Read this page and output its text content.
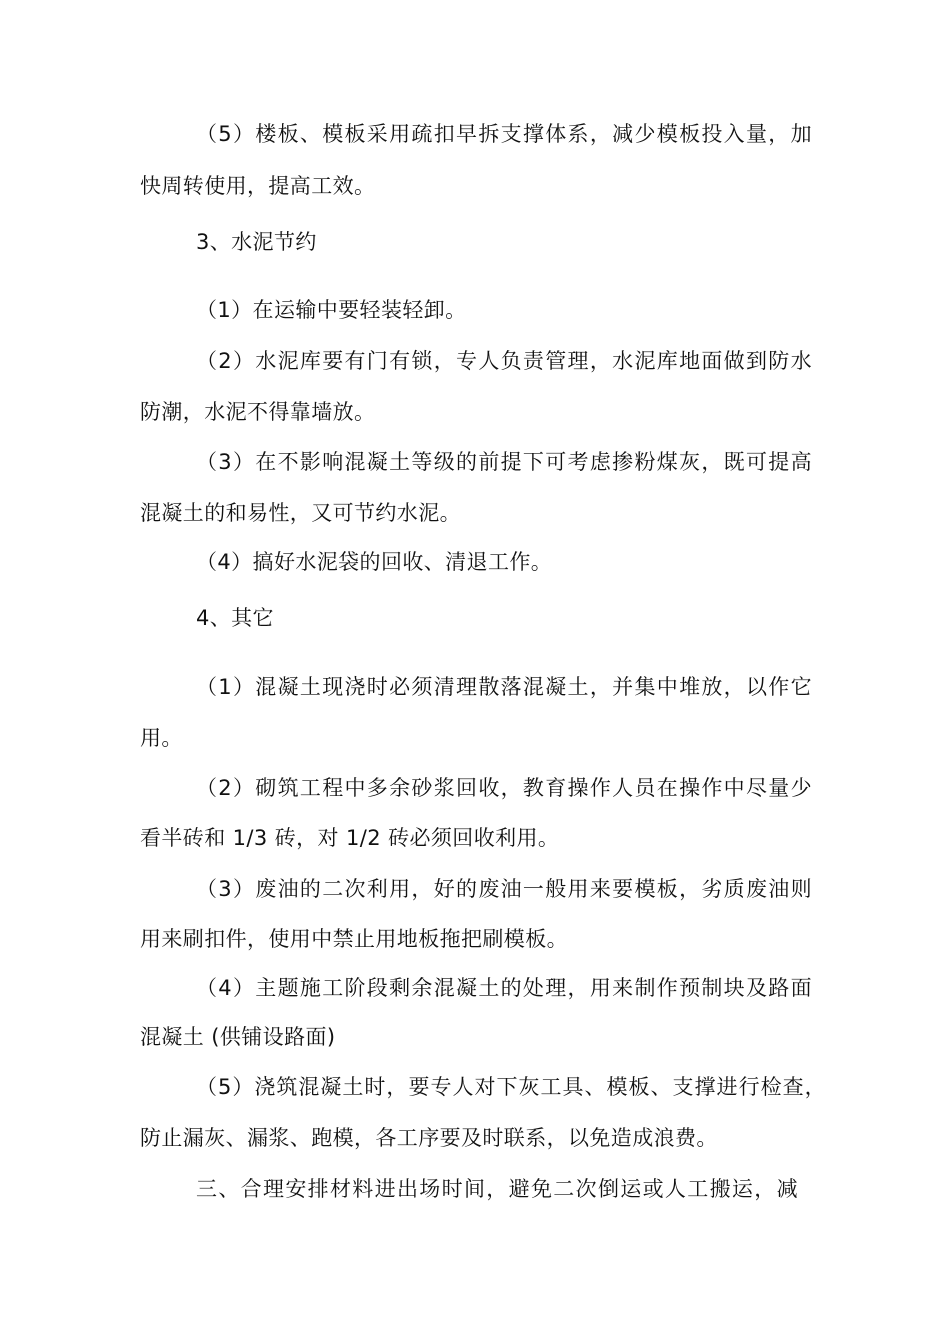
（5）楼板、模板采用疏扣早拆支撑体系，减少模板投入量，加
快周转使用，提高工效。
3、水泥节约
（1）在运输中要轻装轻卸。
（2）水泥库要有门有锁，专人负责管理，水泥库地面做到防水
防潮，水泥不得靠墙放。
（3）在不影响混凝土等级的前提下可考虑掺粉煤灰，既可提高
混凝土的和易性，又可节约水泥。
（4）搞好水泥袋的回收、清退工作。
4、其它
（1）混凝土现浇时必须清理散落混凝土，并集中堆放，以作它
用。
（2）砌筑工程中多余砂浆回收，教育操作人员在操作中尽量少
看半砖和 1/3 砖，对 1/2 砖必须回收利用。
（3）废油的二次利用，好的废油一般用来要模板，劣质废油则
用来刷扣件，使用中禁止用地板拖把刷模板。
（4）主题施工阶段剩余混凝土的处理，用来制作预制块及路面
混凝土 (供铺设路面)
（5）浇筑混凝土时，要专人对下灰工具、模板、支撑进行检查，
防止漏灰、漏浆、跑模，各工序要及时联系，以免造成浪费。
三、合理安排材料进出场时间，避免二次倒运或人工搬运，减
